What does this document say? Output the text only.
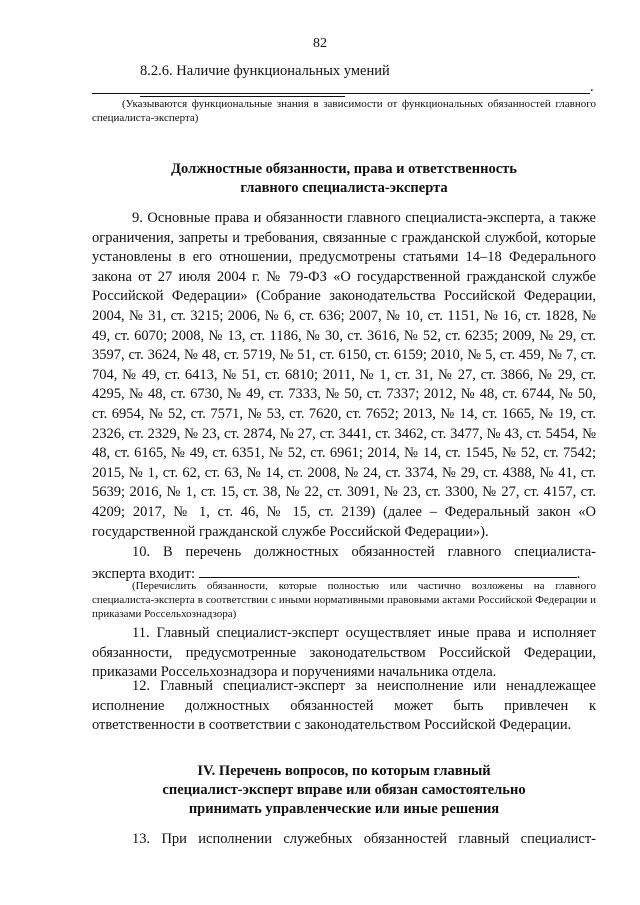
82
8.2.6. Наличие функциональных умений
.
(Указываются функциональные знания в зависимости от функциональных обязанностей главного специалиста-эксперта)
Должностные обязанности, права и ответственность
главного специалиста-эксперта
9. Основные права и обязанности главного специалиста-эксперта, а также ограничения, запреты и требования, связанные с гражданской службой, которые установлены в его отношении, предусмотрены статьями 14–18 Федерального закона от 27 июля 2004 г. № 79-ФЗ «О государственной гражданской службе Российской Федерации» (Собрание законодательства Российской Федерации, 2004, № 31, ст. 3215; 2006, № 6, ст. 636; 2007, № 10, ст. 1151, № 16, ст. 1828, № 49, ст. 6070; 2008, № 13, ст. 1186, № 30, ст. 3616, № 52, ст. 6235; 2009, № 29, ст. 3597, ст. 3624, № 48, ст. 5719, № 51, ст. 6150, ст. 6159; 2010, № 5, ст. 459, № 7, ст. 704, № 49, ст. 6413, № 51, ст. 6810; 2011, № 1, ст. 31, № 27, ст. 3866, № 29, ст. 4295, № 48, ст. 6730, № 49, ст. 7333, № 50, ст. 7337; 2012, № 48, ст. 6744, № 50, ст. 6954, № 52, ст. 7571, № 53, ст. 7620, ст. 7652; 2013, № 14, ст. 1665, № 19, ст. 2326, ст. 2329, № 23, ст. 2874, № 27, ст. 3441, ст. 3462, ст. 3477, № 43, ст. 5454, № 48, ст. 6165, № 49, ст. 6351, № 52, ст. 6961; 2014, № 14, ст. 1545, № 52, ст. 7542; 2015, № 1, ст. 62, ст. 63, № 14, ст. 2008, № 24, ст. 3374, № 29, ст. 4388, № 41, ст. 5639; 2016, № 1, ст. 15, ст. 38, № 22, ст. 3091, № 23, ст. 3300, № 27, ст. 4157, ст. 4209; 2017, № 1, ст. 46, № 15, ст. 2139) (далее – Федеральный закон «О государственной гражданской службе Российской Федерации»).
10. В перечень должностных обязанностей главного специалиста-
эксперта входит:	.
(Перечислить обязанности, которые полностью или частично возложены на главного специалиста-эксперта в соответствии с иными нормативными правовыми актами Российской Федерации и приказами Россельхознадзора)
11. Главный специалист-эксперт осуществляет иные права и исполняет обязанности, предусмотренные законодательством Российской Федерации, приказами Россельхознадзора и поручениями начальника отдела.
12. Главный специалист-эксперт за неисполнение или ненадлежащее исполнение должностных обязанностей может быть привлечен к ответственности в соответствии с законодательством Российской Федерации.
IV. Перечень вопросов, по которым главный
специалист-эксперт вправе или обязан самостоятельно
принимать управленческие или иные решения
13. При исполнении служебных обязанностей главный специалист-
